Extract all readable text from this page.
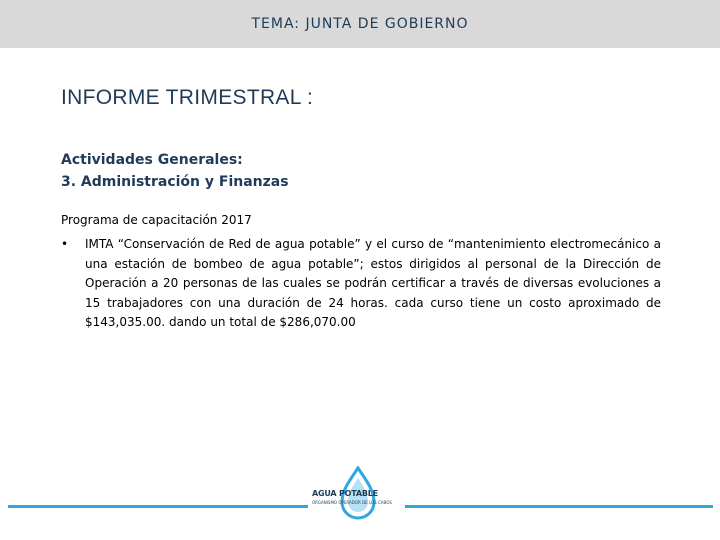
TEMA: JUNTA DE GOBIERNO
INFORME TRIMESTRAL :
Actividades Generales:
3. Administración y Finanzas
Programa de capacitación 2017
•	IMTA “Conservación de Red de agua potable” y el curso de “mantenimiento electromecánico a una estación de bombeo de agua potable”; estos dirigidos al personal de la Dirección de Operación a 20 personas de las cuales se podrán certificar a través de diversas evoluciones a 15 trabajadores con una duración de 24 horas. cada curso tiene un costo aproximado de $143,035.00. dando un total de $286,070.00
AGUA POTABLE
ORGANISMO OPERADOR DE LOS CABOS
